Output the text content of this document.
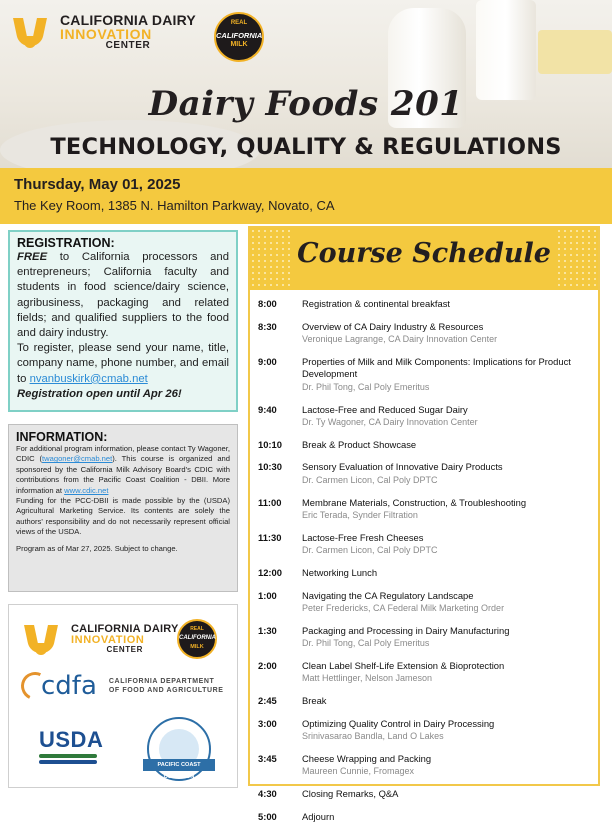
CALIFORNIA DAIRY
INNOVATION
CENTER
REAL
CALIFORNIA
MILK
Dairy Foods 201
TECHNOLOGY, QUALITY & REGULATIONS
Thursday, May 01, 2025
The Key Room, 1385 N. Hamilton Parkway, Novato, CA
REGISTRATION:

FREE to California processors and entrepreneurs; California faculty and students in food science/dairy science, agribusiness, packaging and related fields; and qualified suppliers to the food and dairy industry.

To register, please send your name, title, company name, phone number, and email to nvanbuskirk@cmab.net

Registration open until Apr 26!

INFORMATION:

For additional program information, please contact Ty Wagoner, CDIC (twagoner@cmab.net). This course is organized and sponsored by the California Milk Advisory Board's CDIC with contributions from the Pacific Coast Coalition - DBII. More information at www.cdic.net

Funding for the PCC-DBII is made possible by the (USDA) Agricultural Marketing Service. Its contents are solely the authors' responsibility and do not necessarily represent official views of the USDA.

Program as of Mar 27, 2025. Subject to change.

CALIFORNIA DAIRY
INNOVATION
CENTER
REAL
CALIFORNIA
MILK
cdfa CALIFORNIA DEPARTMENT
OF FOOD AND AGRICULTURE
USDA
PACIFIC COAST COALITION
Course Schedule
8:00	Registration & continental breakfast
8:30	Overview of CA Dairy Industry & Resources
Veronique Lagrange, CA Dairy Innovation Center
9:00	Properties of Milk and Milk Components: Implications for Product Development
Dr. Phil Tong, Cal Poly Emeritus
9:40	Lactose-Free and Reduced Sugar Dairy
Dr. Ty Wagoner, CA Dairy Innovation Center
10:10	Break & Product Showcase
10:30	Sensory Evaluation of Innovative Dairy Products
Dr. Carmen Licon, Cal Poly DPTC
11:00	Membrane Materials, Construction, & Troubleshooting
Eric Terada, Synder Filtration
11:30	Lactose-Free Fresh Cheeses
Dr. Carmen Licon, Cal Poly DPTC
12:00	Networking Lunch
1:00	Navigating the CA Regulatory Landscape
Peter Fredericks, CA Federal Milk Marketing Order
1:30	Packaging and Processing in Dairy Manufacturing
Dr. Phil Tong, Cal Poly Emeritus
2:00	Clean Label Shelf-Life Extension & Bioprotection
Matt Hettlinger, Nelson Jameson
2:45	Break
3:00	Optimizing Quality Control in Dairy Processing
Srinivasarao Bandla, Land O Lakes
3:45	Cheese Wrapping and Packing
Maureen Cunnie, Fromagex
4:30	Closing Remarks, Q&A
5:00	Adjourn
